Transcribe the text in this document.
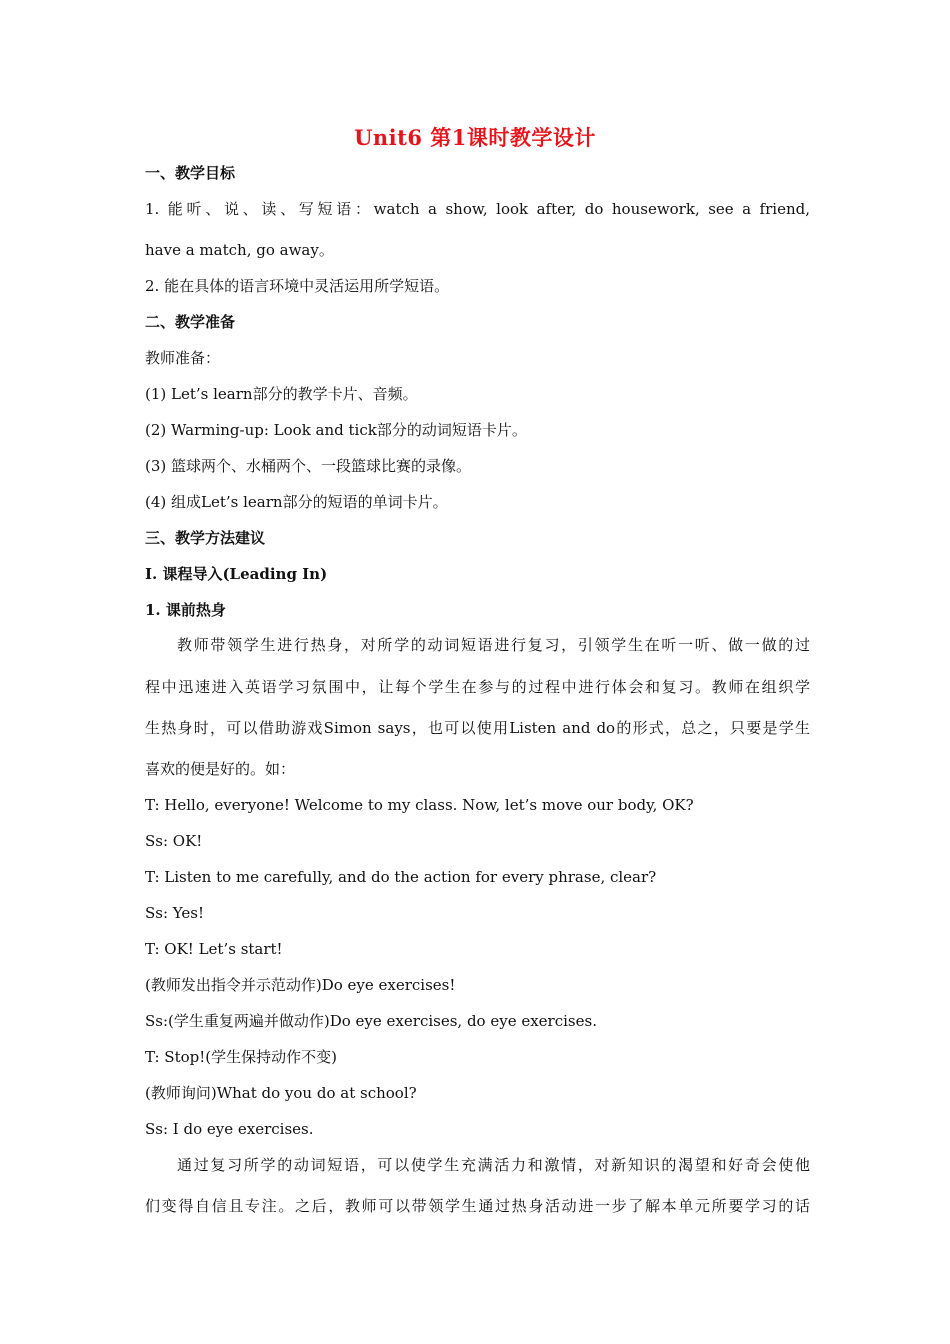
Unit6 第1课时教学设计
一、教学目标
1. 能听、说、读、写短语：watch a show, look after, do housework, see a friend,
have a match, go away。
2. 能在具体的语言环境中灵活运用所学短语。
二、教学准备
教师准备：
(1) Let’s learn部分的教学卡片、音频。
(2) Warming-up: Look and tick部分的动词短语卡片。
(3) 篮球两个、水桶两个、一段篮球比赛的录像。
(4) 组成Let’s learn部分的短语的单词卡片。
三、教学方法建议
I. 课程导入(Leading In)
1. 课前热身
教师带领学生进行热身，对所学的动词短语进行复习，引领学生在听一听、做一做的过
程中迅速进入英语学习氛围中，让每个学生在参与的过程中进行体会和复习。教师在组织学
生热身时，可以借助游戏Simon says，也可以使用Listen and do的形式，总之，只要是学生
喜欢的便是好的。如：
T: Hello, everyone! Welcome to my class. Now, let’s move our body, OK?
Ss: OK!
T: Listen to me carefully, and do the action for every phrase, clear?
Ss: Yes!
T: OK! Let’s start!
(教师发出指令并示范动作)Do eye exercises!
Ss:(学生重复两遍并做动作)Do eye exercises, do eye exercises.
T: Stop!(学生保持动作不变)
(教师询问)What do you do at school?
Ss: I do eye exercises.
通过复习所学的动词短语，可以使学生充满活力和激情，对新知识的渴望和好奇会使他
们变得自信且专注。之后，教师可以带领学生通过热身活动进一步了解本单元所要学习的话
